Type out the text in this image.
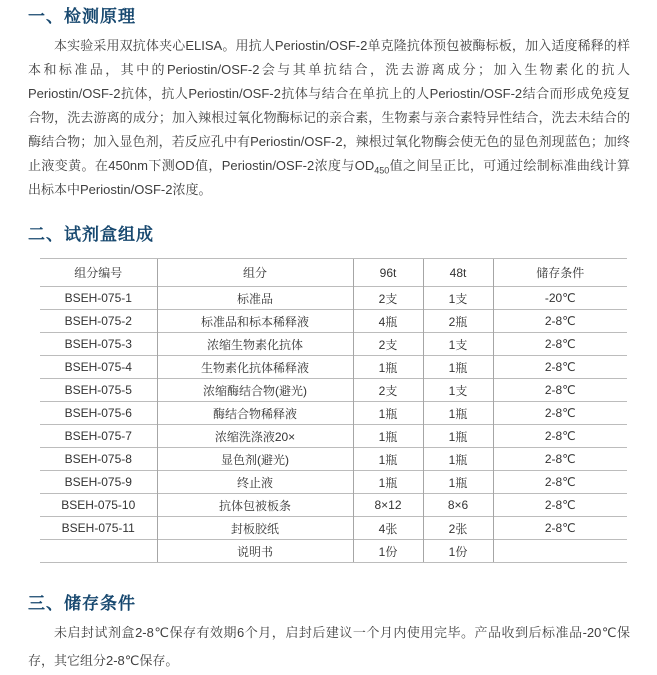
一、检测原理

本实验采用双抗体夹心ELISA。用抗人Periostin/OSF-2单克隆抗体预包被酶标板，加入适度稀释的样本和标准品，其中的Periostin/OSF-2会与其单抗结合，洗去游离成分；加入生物素化的抗人Periostin/OSF-2抗体，抗人Periostin/OSF-2抗体与结合在单抗上的人Periostin/OSF-2结合而形成免疫复合物，洗去游离的成分；加入辣根过氧化物酶标记的亲合素，生物素与亲合素特异性结合，洗去未结合的酶结合物；加入显色剂，若反应孔中有Periostin/OSF-2，辣根过氧化物酶会使无色的显色剂现蓝色；加终止液变黄。在450nm下测OD值，Periostin/OSF-2浓度与$OD_{450}$值之间呈正比，可通过绘制标准曲线计算出标本中Periostin/OSF-2浓度。

二、试剂盒组成
组分编号	组分	96t	48t	储存条件
BSEH-075-1	标准品	2支	1支	-20℃
BSEH-075-2	标准品和标本稀释液	4瓶	2瓶	2-8℃
BSEH-075-3	浓缩生物素化抗体	2支	1支	2-8℃
BSEH-075-4	生物素化抗体稀释液	1瓶	1瓶	2-8℃
BSEH-075-5	浓缩酶结合物(避光)	2支	1支	2-8℃
BSEH-075-6	酶结合物稀释液	1瓶	1瓶	2-8℃
BSEH-075-7	浓缩洗涤液20×	1瓶	1瓶	2-8℃
BSEH-075-8	显色剂(避光)	1瓶	1瓶	2-8℃
BSEH-075-9	终止液	1瓶	1瓶	2-8℃
BSEH-075-10	抗体包被板条	8×12	8×6	2-8℃
BSEH-075-11	封板胶纸	4张	2张	2-8℃
	说明书	1份	1份	
三、储存条件

未启封试剂盒2-8℃保存有效期6个月，启封后建议一个月内使用完毕。产品收到后标准品-20℃保存，其它组分2-8℃保存。
